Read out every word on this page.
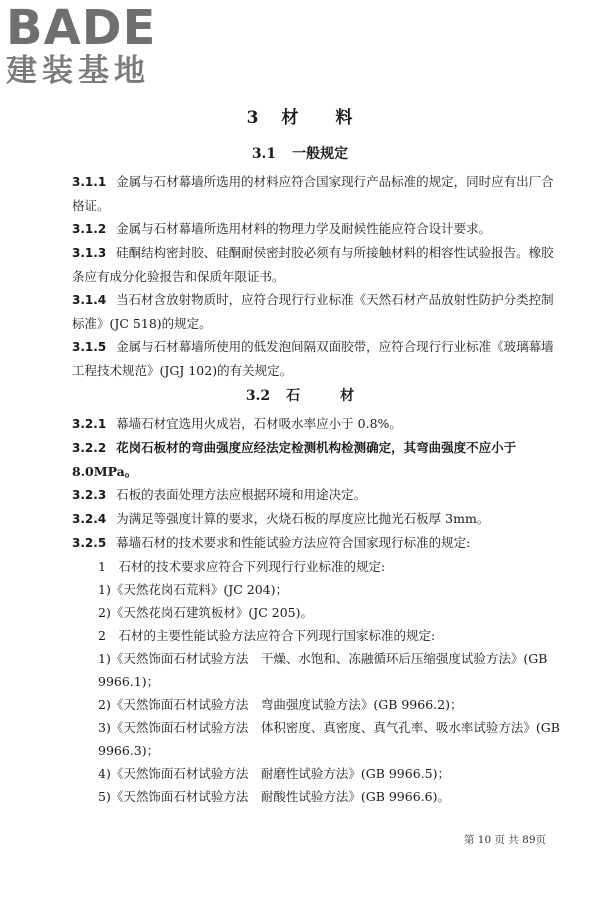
BADE
建装基地
3 材 料
3.1 一般规定

3.1.1 金属与石材幕墙所选用的材料应符合国家现行产品标准的规定，同时应有出厂合格证。

3.1.2 金属与石材幕墙所选用材料的物理力学及耐候性能应符合设计要求。

3.1.3 硅酮结构密封胶、硅酮耐侯密封胶必须有与所接触材料的相容性试验报告。橡胶条应有成分化验报告和保质年限证书。

3.1.4 当石材含放射物质时，应符合现行行业标准《天然石材产品放射性防护分类控制标准》(JC 518)的规定。

3.1.5 金属与石材幕墙所使用的低发泡间隔双面胶带，应符合现行行业标准《玻璃幕墙工程技术规范》(JGJ 102)的有关规定。

3.2 石	材

3.2.1 幕墙石材宜选用火成岩，石材吸水率应小于 0.8%。

3.2.2 花岗石板材的弯曲强度应经法定检测机构检测确定，其弯曲强度不应小于8.0MPa。

3.2.3 石板的表面处理方法应根据环境和用途决定。

3.2.4 为满足等强度计算的要求，火烧石板的厚度应比抛光石板厚 3mm。

3.2.5 幕墙石材的技术要求和性能试验方法应符合国家现行标准的规定:

1　石材的技术要求应符合下列现行行业标准的规定:

1)《天然花岗石荒料》(JC 204)；

2)《天然花岗石建筑板材》(JC 205)。

2　石材的主要性能试验方法应符合下列现行国家标准的规定:

1)《天然饰面石材试验方法　干燥、水饱和、冻融循环后压缩强度试验方法》(GB 9966.1)；

2)《天然饰面石材试验方法　弯曲强度试验方法》(GB 9966.2)；

3)《天然饰面石材试验方法　体积密度、真密度、真气孔率、吸水率试验方法》(GB 9966.3)；

4)《天然饰面石材试验方法　耐磨性试验方法》(GB 9966.5)；

5)《天然饰面石材试验方法　耐酸性试验方法》(GB 9966.6)。

第 10 页 共 89页
